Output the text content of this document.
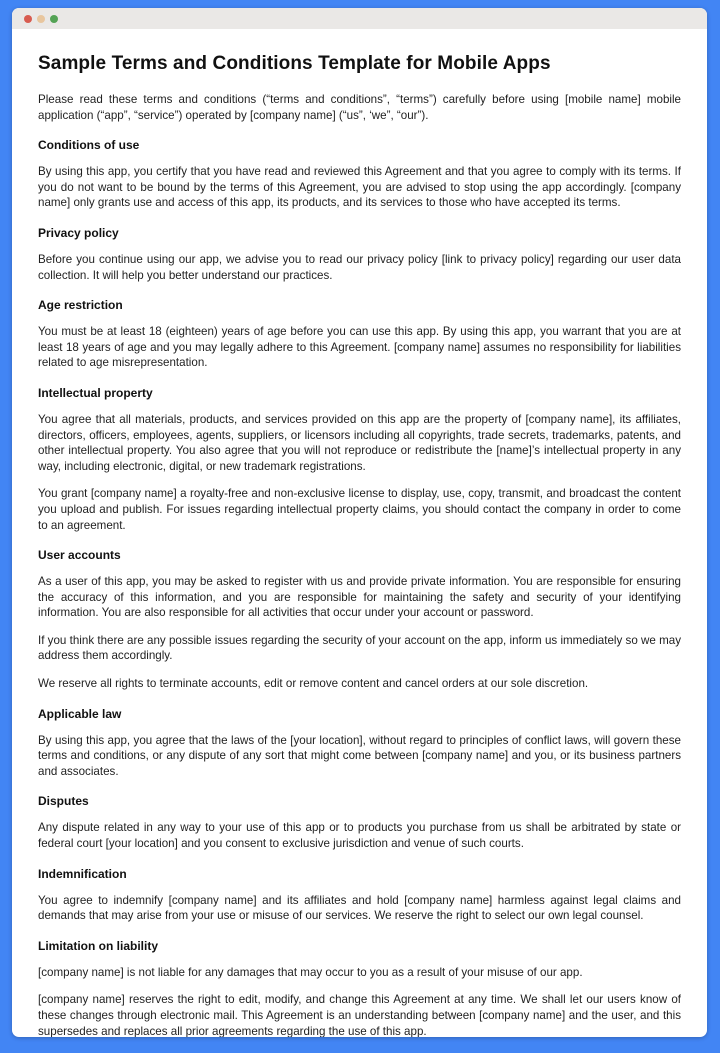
Sample Terms and Conditions Template for Mobile Apps

Please read these terms and conditions (“terms and conditions”, “terms”) carefully before using [mobile name] mobile application (“app”, “service”) operated by [company name] (“us”, ‘we”, “our”).

Conditions of use

By using this app, you certify that you have read and reviewed this Agreement and that you agree to comply with its terms. If you do not want to be bound by the terms of this Agreement, you are advised to stop using the app accordingly. [company name] only grants use and access of this app, its products, and its services to those who have accepted its terms.

Privacy policy

Before you continue using our app, we advise you to read our privacy policy [link to privacy policy] regarding our user data collection. It will help you better understand our practices.

Age restriction

You must be at least 18 (eighteen) years of age before you can use this app. By using this app, you warrant that you are at least 18 years of age and you may legally adhere to this Agreement. [company name] assumes no responsibility for liabilities related to age misrepresentation.

Intellectual property

You agree that all materials, products, and services provided on this app are the property of [company name], its affiliates, directors, officers, employees, agents, suppliers, or licensors including all copyrights, trade secrets, trademarks, patents, and other intellectual property. You also agree that you will not reproduce or redistribute the [name]’s intellectual property in any way, including electronic, digital, or new trademark registrations.

You grant [company name] a royalty-free and non-exclusive license to display, use, copy, transmit, and broadcast the content you upload and publish. For issues regarding intellectual property claims, you should contact the company in order to come to an agreement.

User accounts

As a user of this app, you may be asked to register with us and provide private information. You are responsible for ensuring the accuracy of this information, and you are responsible for maintaining the safety and security of your identifying information. You are also responsible for all activities that occur under your account or password.

If you think there are any possible issues regarding the security of your account on the app, inform us immediately so we may address them accordingly.

We reserve all rights to terminate accounts, edit or remove content and cancel orders at our sole discretion.

Applicable law

By using this app, you agree that the laws of the [your location], without regard to principles of conflict laws, will govern these terms and conditions, or any dispute of any sort that might come between [company name] and you, or its business partners and associates.

Disputes

Any dispute related in any way to your use of this app or to products you purchase from us shall be arbitrated by state or federal court [your location] and you consent to exclusive jurisdiction and venue of such courts.

Indemnification

You agree to indemnify [company name] and its affiliates and hold [company name] harmless against legal claims and demands that may arise from your use or misuse of our services. We reserve the right to select our own legal counsel.

Limitation on liability

[company name] is not liable for any damages that may occur to you as a result of your misuse of our app.

[company name] reserves the right to edit, modify, and change this Agreement at any time. We shall let our users know of these changes through electronic mail. This Agreement is an understanding between [company name] and the user, and this supersedes and replaces all prior agreements regarding the use of this app.
